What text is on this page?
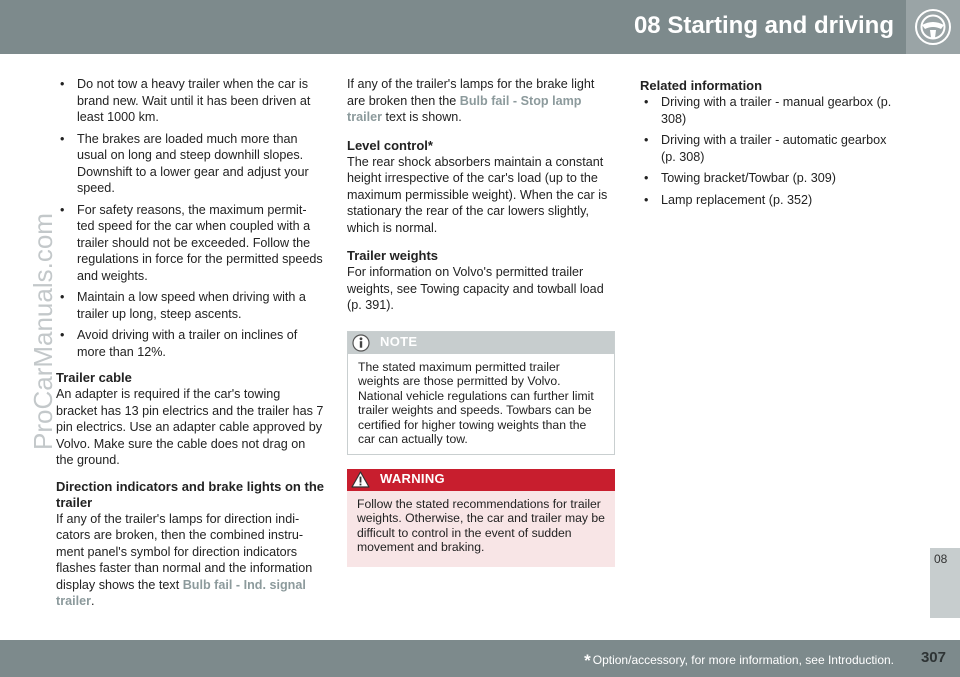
08 Starting and driving
ProCarManuals.com
• Do not tow a heavy trailer when the car is brand new. Wait until it has been driven at least 1000 km.
• The brakes are loaded much more than usual on long and steep downhill slopes. Downshift to a lower gear and adjust your speed.
• For safety reasons, the maximum permit-ted speed for the car when coupled with a trailer should not be exceeded. Follow the regulations in force for the permitted speeds and weights.
• Maintain a low speed when driving with a trailer up long, steep ascents.
• Avoid driving with a trailer on inclines of more than 12%.
Trailer cable

An adapter is required if the car's towing bracket has 13 pin electrics and the trailer has 7 pin electrics. Use an adapter cable approved by Volvo. Make sure the cable does not drag on the ground.

Direction indicators and brake lights on the trailer

If any of the trailer's lamps for direction indi-cators are broken, then the combined instru-ment panel's symbol for direction indicators flashes faster than normal and the information display shows the text Bulb fail - Ind. signal trailer.

If any of the trailer's lamps for the brake light are broken then the Bulb fail - Stop lamp trailer text is shown.

Level control*

The rear shock absorbers maintain a constant height irrespective of the car's load (up to the maximum permissible weight). When the car is stationary the rear of the car lowers slightly, which is normal.

Trailer weights

For information on Volvo's permitted trailer weights, see Towing capacity and towball load (p. 391).

NOTE
The stated maximum permitted trailer weights are those permitted by Volvo. National vehicle regulations can further limit trailer weights and speeds. Towbars can be certified for higher towing weights than the car can actually tow.
WARNING
Follow the stated recommendations for trailer weights. Otherwise, the car and trailer may be difficult to control in the event of sudden movement and braking.
Related information
• Driving with a trailer - manual gearbox (p. 308)
• Driving with a trailer - automatic gearbox (p. 308)
• Towing bracket/Towbar (p. 309)
• Lamp replacement (p. 352)
08
* Option/accessory, for more information, see Introduction. 307
